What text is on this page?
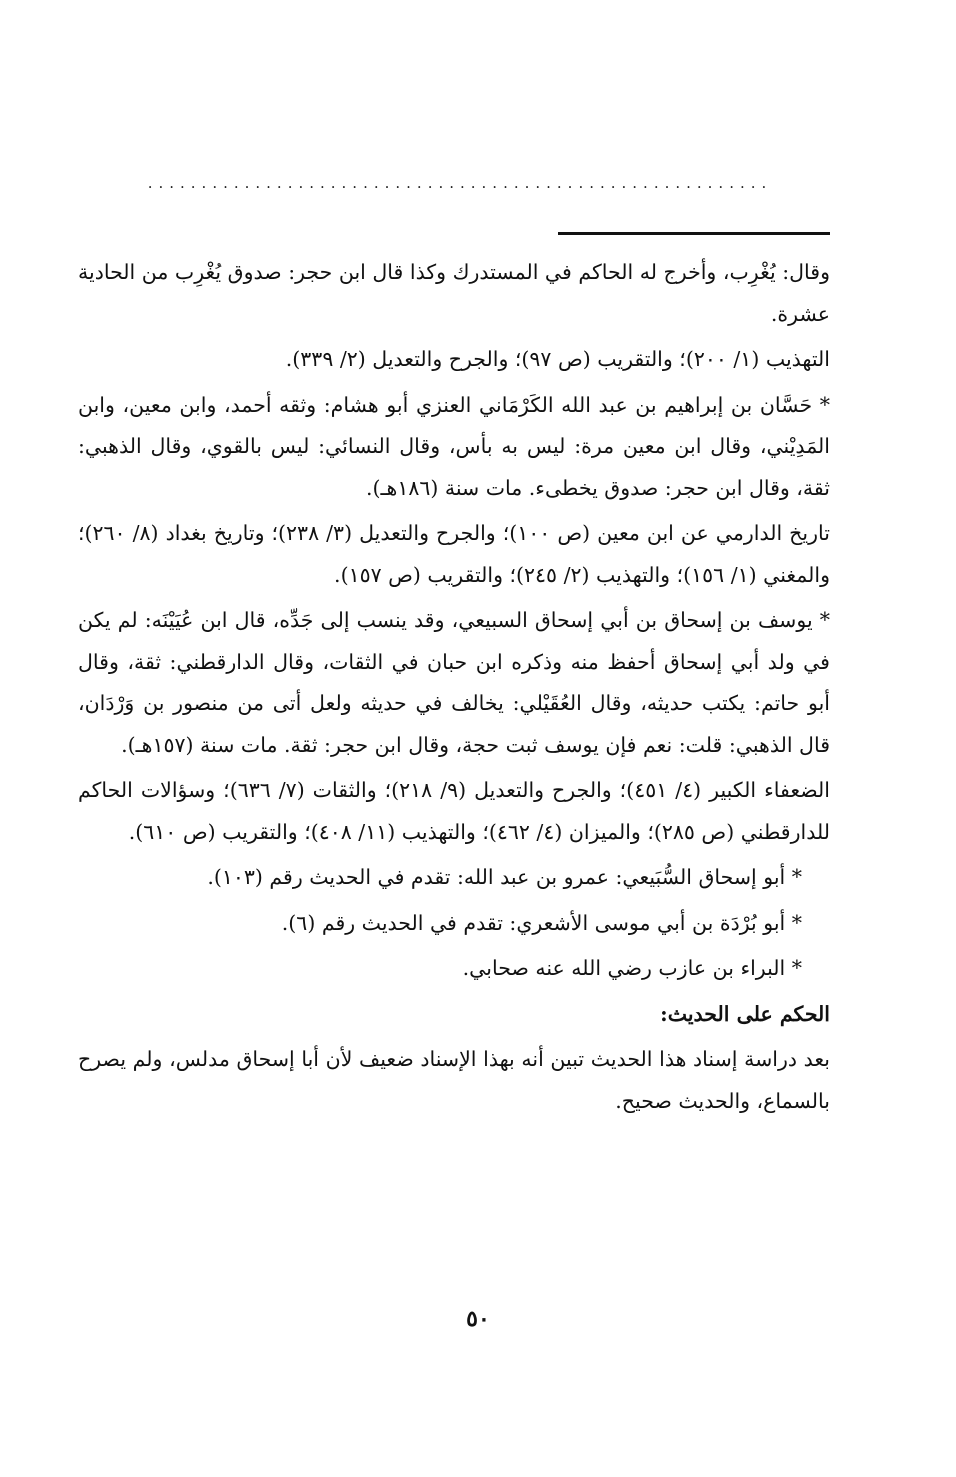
..........................................................

وقال: يُغْرِب، وأخرج له الحاكم في المستدرك وكذا قال ابن حجر: صدوق يُغْرِب من الحادية عشرة.

التهذيب (١/ ٢٠٠)؛ والتقريب (ص ٩٧)؛ والجرح والتعديل (٢/ ٣٣٩).

* حَسَّان بن إبراهيم بن عبد الله الكَرْمَاني العنزي أبو هشام: وثقه أحمد، وابن معين، وابن المَدِيْني، وقال ابن معين مرة: ليس به بأس، وقال النسائي: ليس بالقوي، وقال الذهبي: ثقة، وقال ابن حجر: صدوق يخطىء. مات سنة (١٨٦هـ).

تاريخ الدارمي عن ابن معين (ص ١٠٠)؛ والجرح والتعديل (٣/ ٢٣٨)؛ وتاريخ بغداد (٨/ ٢٦٠)؛ والمغني (١/ ١٥٦)؛ والتهذيب (٢/ ٢٤٥)؛ والتقريب (ص ١٥٧).

* يوسف بن إسحاق بن أبي إسحاق السبيعي، وقد ينسب إلى جَدِّه، قال ابن عُيَيْنَه: لم يكن في ولد أبي إسحاق أحفظ منه وذكره ابن حبان في الثقات، وقال الدارقطني: ثقة، وقال أبو حاتم: يكتب حديثه، وقال العُقَيْلي: يخالف في حديثه ولعل أتى من منصور بن وَرْدَان، قال الذهبي: قلت: نعم فإن يوسف ثبت حجة، وقال ابن حجر: ثقة. مات سنة (١٥٧هـ).

الضعفاء الكبير (٤/ ٤٥١)؛ والجرح والتعديل (٩/ ٢١٨)؛ والثقات (٧/ ٦٣٦)؛ وسؤالات الحاكم للدارقطني (ص ٢٨٥)؛ والميزان (٤/ ٤٦٢)؛ والتهذيب (١١/ ٤٠٨)؛ والتقريب (ص ٦١٠).

* أبو إسحاق السُّبَيعي: عمرو بن عبد الله: تقدم في الحديث رقم (١٠٣).

* أبو بُرْدَة بن أبي موسى الأشعري: تقدم في الحديث رقم (٦).

* البراء بن عازب رضي الله عنه صحابي.

الحكم على الحديث:

بعد دراسة إسناد هذا الحديث تبين أنه بهذا الإسناد ضعيف لأن أبا إسحاق مدلس، ولم يصرح بالسماع، والحديث صحيح.

٥٠
